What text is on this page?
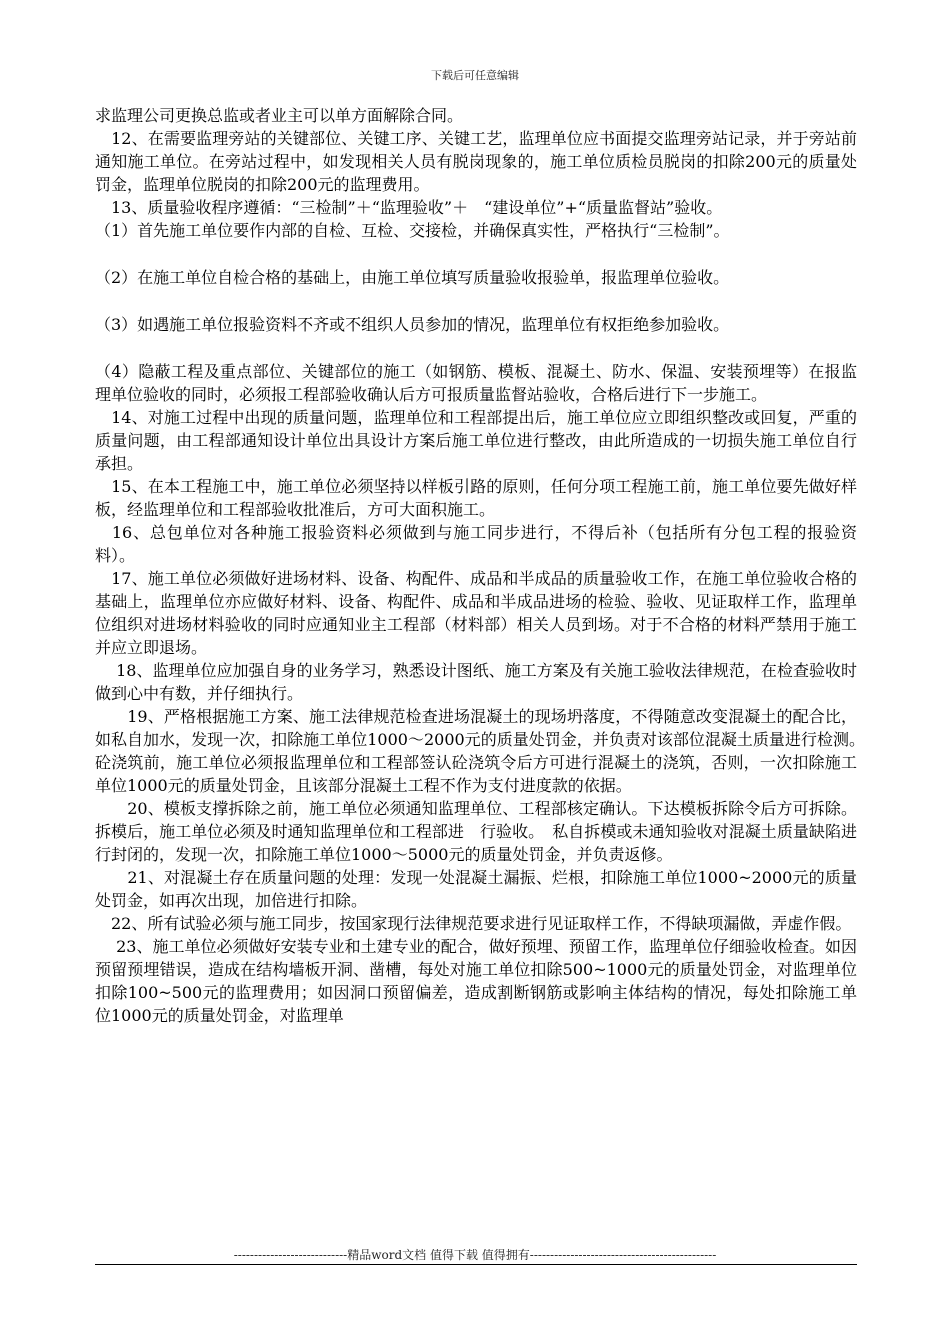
下载后可任意编辑

求监理公司更换总监或者业主可以单方面解除合同。

　12、在需要监理旁站的关键部位、关键工序、关键工艺，监理单位应书面提交监理旁站记录，并于旁站前通知施工单位。在旁站过程中，如发现相关人员有脱岗现象的，施工单位质检员脱岗的扣除200元的质量处罚金，监理单位脱岗的扣除200元的监理费用。

　13、质量验收程序遵循：“三检制”＋“监理验收”＋　“建设单位”+“质量监督站”验收。

（1）首先施工单位要作内部的自检、互检、交接检，并确保真实性，严格执行“三检制”。

（2）在施工单位自检合格的基础上，由施工单位填写质量验收报验单，报监理单位验收。

（3）如遇施工单位报验资料不齐或不组织人员参加的情况，监理单位有权拒绝参加验收。

（4）隐蔽工程及重点部位、关键部位的施工（如钢筋、模板、混凝土、防水、保温、安装预埋等）在报监理单位验收的同时，必须报工程部验收确认后方可报质量监督站验收，合格后进行下一步施工。

　14、对施工过程中出现的质量问题，监理单位和工程部提出后，施工单位应立即组织整改或回复，严重的质量问题，由工程部通知设计单位出具设计方案后施工单位进行整改，由此所造成的一切损失施工单位自行承担。

　15、在本工程施工中，施工单位必须坚持以样板引路的原则，任何分项工程施工前，施工单位要先做好样板，经监理单位和工程部验收批准后，方可大面积施工。

　16、总包单位对各种施工报验资料必须做到与施工同步进行，不得后补（包括所有分包工程的报验资料）。

　17、施工单位必须做好进场材料、设备、构配件、成品和半成品的质量验收工作，在施工单位验收合格的基础上，监理单位亦应做好材料、设备、构配件、成品和半成品进场的检验、验收、见证取样工作，监理单位组织对进场材料验收的同时应通知业主工程部（材料部）相关人员到场。对于不合格的材料严禁用于施工并应立即退场。

　 18、监理单位应加强自身的业务学习，熟悉设计图纸、施工方案及有关施工验收法律规范，在检查验收时做到心中有数，并仔细执行。

　　19、严格根据施工方案、施工法律规范检查进场混凝土的现场坍落度，不得随意改变混凝土的配合比，如私自加水，发现一次，扣除施工单位1000～2000元的质量处罚金，并负责对该部位混凝土质量进行检测。　砼浇筑前，施工单位必须报监理单位和工程部签认砼浇筑令后方可进行混凝土的浇筑，否则，一次扣除施工单位1000元的质量处罚金，且该部分混凝土工程不作为支付进度款的依据。

　　20、模板支撑拆除之前，施工单位必须通知监理单位、工程部核定确认。下达模板拆除令后方可拆除。拆模后，施工单位必须及时通知监理单位和工程部进　行验收。　私自拆模或未通知验收对混凝土质量缺陷进行封闭的，发现一次，扣除施工单位1000～5000元的质量处罚金，并负责返修。

　　21、对混凝土存在质量问题的处理：发现一处混凝土漏振、烂根，扣除施工单位1000~2000元的质量处罚金，如再次出现，加倍进行扣除。

　22、所有试验必须与施工同步，按国家现行法律规范要求进行见证取样工作，不得缺项漏做，弄虚作假。

　 23、施工单位必须做好安装专业和土建专业的配合，做好预埋、预留工作，监理单位仔细验收检查。如因预留预埋错误，造成在结构墙板开洞、凿槽，每处对施工单位扣除500~1000元的质量处罚金，对监理单位扣除100~500元的监理费用；如因洞口预留偏差，造成割断钢筋或影响主体结构的情况，每处扣除施工单位1000元的质量处罚金，对监理单

----------------------------精品word文档 值得下载 值得拥有----------------------------------------------
